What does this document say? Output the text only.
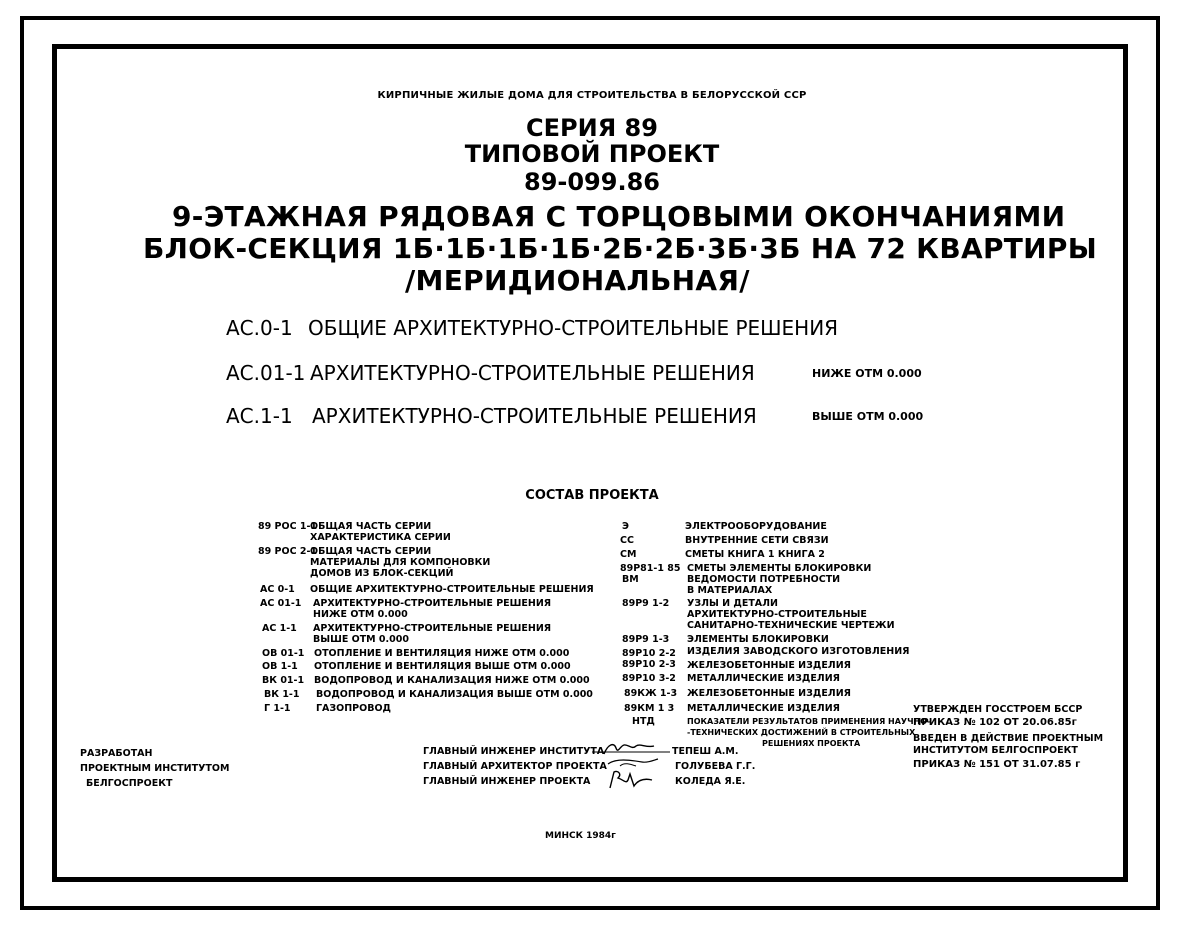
КИРПИЧНЫЕ ЖИЛЫЕ ДОМА ДЛЯ СТРОИТЕЛЬСТВА В БЕЛОРУССКОЙ ССР
СЕРИЯ 89
ТИПОВОЙ ПРОЕКТ
89-099.86
9-ЭТАЖНАЯ РЯДОВАЯ С ТОРЦОВЫМИ ОКОНЧАНИЯМИ
БЛОК-СЕКЦИЯ 1Б·1Б·1Б·1Б·2Б·2Б·3Б·3Б НА 72 КВАРТИРЫ
/МЕРИДИОНАЛЬНАЯ/
АС.0-1 ОБЩИЕ АРХИТЕКТУРНО-СТРОИТЕЛЬНЫЕ РЕШЕНИЯ
АС.01-1 АРХИТЕКТУРНО-СТРОИТЕЛЬНЫЕ РЕШЕНИЯ	НИЖЕ ОТМ 0.000
АС.1-1 АРХИТЕКТУРНО-СТРОИТЕЛЬНЫЕ РЕШЕНИЯ	ВЫШЕ ОТМ 0.000
СОСТАВ ПРОЕКТА
89 РОС 1-1
ОБЩАЯ ЧАСТЬ СЕРИИ
ХАРАКТЕРИСТИКА СЕРИИ
89 РОС 2-1
ОБЩАЯ ЧАСТЬ СЕРИИ
МАТЕРИАЛЫ ДЛЯ КОМПОНОВКИ
ДОМОВ ИЗ БЛОК-СЕКЦИЙ
АС 0-1 ОБЩИЕ АРХИТЕКТУРНО-СТРОИТЕЛЬНЫЕ РЕШЕНИЯ
АС 01-1 АРХИТЕКТУРНО-СТРОИТЕЛЬНЫЕ РЕШЕНИЯ
НИЖЕ ОТМ 0.000
АС 1-1 АРХИТЕКТУРНО-СТРОИТЕЛЬНЫЕ РЕШЕНИЯ
ВЫШЕ ОТМ 0.000
ОВ 01-1 ОТОПЛЕНИЕ И ВЕНТИЛЯЦИЯ НИЖЕ ОТМ 0.000
ОВ 1-1 ОТОПЛЕНИЕ И ВЕНТИЛЯЦИЯ ВЫШЕ ОТМ 0.000
ВК 01-1 ВОДОПРОВОД И КАНАЛИЗАЦИЯ НИЖЕ ОТМ 0.000
ВК 1-1 ВОДОПРОВОД И КАНАЛИЗАЦИЯ ВЫШЕ ОТМ 0.000
Г 1-1	ГАЗОПРОВОД
Э	ЭЛЕКТРООБОРУДОВАНИЕ
СС	ВНУТРЕННИЕ СЕТИ СВЯЗИ
СМ	СМЕТЫ КНИГА 1 КНИГА 2
89Р81-1 85 СМЕТЫ ЭЛЕМЕНТЫ БЛОКИРОВКИ
ВМ	ВЕДОМОСТИ ПОТРЕБНОСТИ
В МАТЕРИАЛАХ
89Р9 1-2 УЗЛЫ И ДЕТАЛИ
АРХИТЕКТУРНО-СТРОИТЕЛЬНЫЕ
САНИТАРНО-ТЕХНИЧЕСКИЕ ЧЕРТЕЖИ
89Р9 1-3 ЭЛЕМЕНТЫ БЛОКИРОВКИ
89Р10 2-2 ИЗДЕЛИЯ ЗАВОДСКОГО ИЗГОТОВЛЕНИЯ
89Р10 2-3 ЖЕЛЕЗОБЕТОННЫЕ ИЗДЕЛИЯ
89Р10 3-2 МЕТАЛЛИЧЕСКИЕ ИЗДЕЛИЯ
89КЖ 1-3 ЖЕЛЕЗОБЕТОННЫЕ ИЗДЕЛИЯ
89КМ 1 3 МЕТАЛЛИЧЕСКИЕ ИЗДЕЛИЯ
НТД	ПОКАЗАТЕЛИ РЕЗУЛЬТАТОВ ПРИМЕНЕНИЯ НАУЧНО-
-ТЕХНИЧЕСКИХ ДОСТИЖЕНИЙ В СТРОИТЕЛЬНЫХ
РЕШЕНИЯХ ПРОЕКТА
УТВЕРЖДЕН ГОССТРОЕМ БССР
ПРИКАЗ № 102 ОТ 20.06.85г
ВВЕДЕН В ДЕЙСТВИЕ ПРОЕКТНЫМ
ИНСТИТУТОМ БЕЛГОСПРОЕКТ
ПРИКАЗ № 151 ОТ 31.07.85 г
РАЗРАБОТАН
ПРОЕКТНЫМ ИНСТИТУТОМ
БЕЛГОСПРОЕКТ
ГЛАВНЫЙ ИНЖЕНЕР ИНСТИТУТА	ТЕПЕШ А.М.
ГЛАВНЫЙ АРХИТЕКТОР ПРОЕКТА	ГОЛУБЕВА Г.Г.
ГЛАВНЫЙ ИНЖЕНЕР ПРОЕКТА	КОЛЕДА Я.Е.
МИНСК 1984г
